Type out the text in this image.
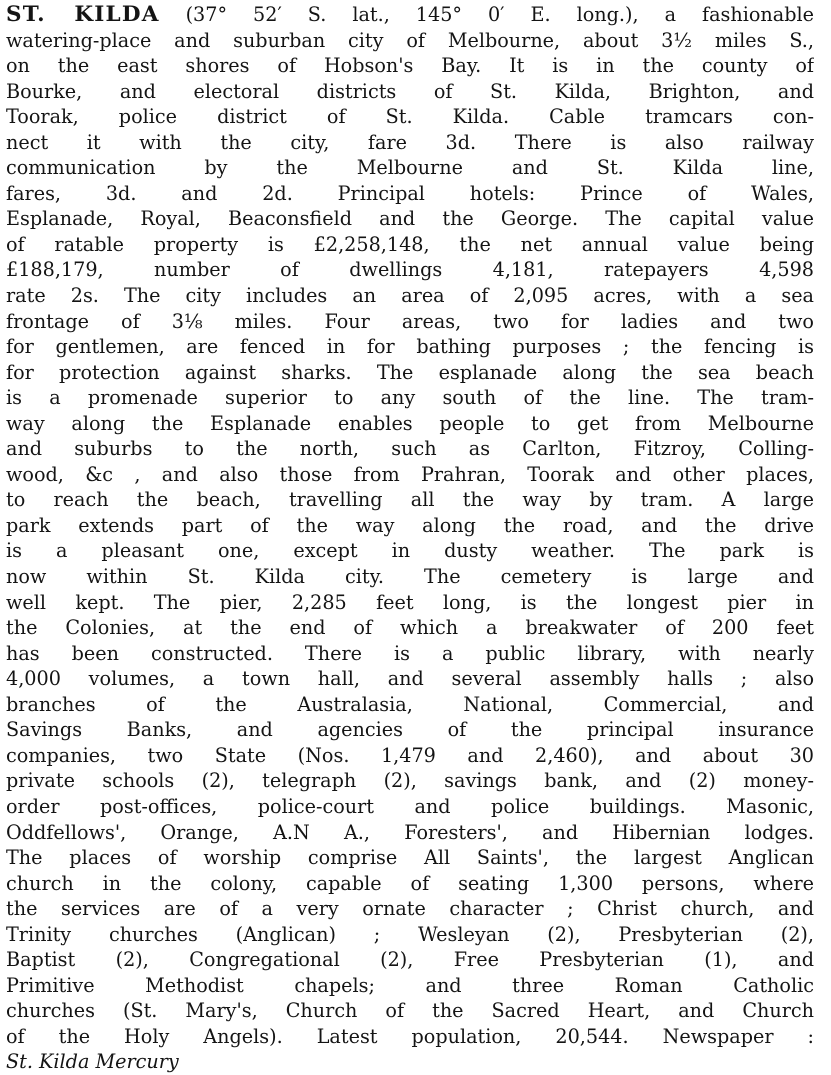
ST. KILDA (37° 52′ S. lat., 145° 0′ E. long.), a fashionable
watering-place and suburban city of Melbourne, about 3½ miles S.,
on the east shores of Hobson's Bay. It is in the county of
Bourke, and electoral districts of St. Kilda, Brighton, and
Toorak, police district of St. Kilda. Cable tramcars con-
nect it with the city, fare 3d. There is also railway
communication by the Melbourne and St. Kilda line,
fares, 3d. and 2d. Principal hotels: Prince of Wales,
Esplanade, Royal, Beaconsfield and the George. The capital value
of ratable property is £2,258,148, the net annual value being
£188,179, number of dwellings 4,181, ratepayers 4,598
rate 2s. The city includes an area of 2,095 acres, with a sea
frontage of 3⅛ miles. Four areas, two for ladies and two
for gentlemen, are fenced in for bathing purposes ; the fencing is
for protection against sharks. The esplanade along the sea beach
is a promenade superior to any south of the line. The tram-
way along the Esplanade enables people to get from Melbourne
and suburbs to the north, such as Carlton, Fitzroy, Colling-
wood, &c , and also those from Prahran, Toorak and other places,
to reach the beach, travelling all the way by tram. A large
park extends part of the way along the road, and the drive
is a pleasant one, except in dusty weather. The park is
now within St. Kilda city. The cemetery is large and
well kept. The pier, 2,285 feet long, is the longest pier in
the Colonies, at the end of which a breakwater of 200 feet
has been constructed. There is a public library, with nearly
4,000 volumes, a town hall, and several assembly halls ; also
branches of the Australasia, National, Commercial, and
Savings Banks, and agencies of the principal insurance
companies, two State (Nos. 1,479 and 2,460), and about 30
private schools (2), telegraph (2), savings bank, and (2) money-
order post-offices, police-court and police buildings. Masonic,
Oddfellows', Orange, A.N A., Foresters', and Hibernian lodges.
The places of worship comprise All Saints', the largest Anglican
church in the colony, capable of seating 1,300 persons, where
the services are of a very ornate character ; Christ church, and
Trinity churches (Anglican) ; Wesleyan (2), Presbyterian (2),
Baptist (2), Congregational (2), Free Presbyterian (1), and
Primitive Methodist chapels; and three Roman Catholic
churches (St. Mary's, Church of the Sacred Heart, and Church
of the Holy Angels). Latest population, 20,544. Newspaper :
St. Kilda Mercury
